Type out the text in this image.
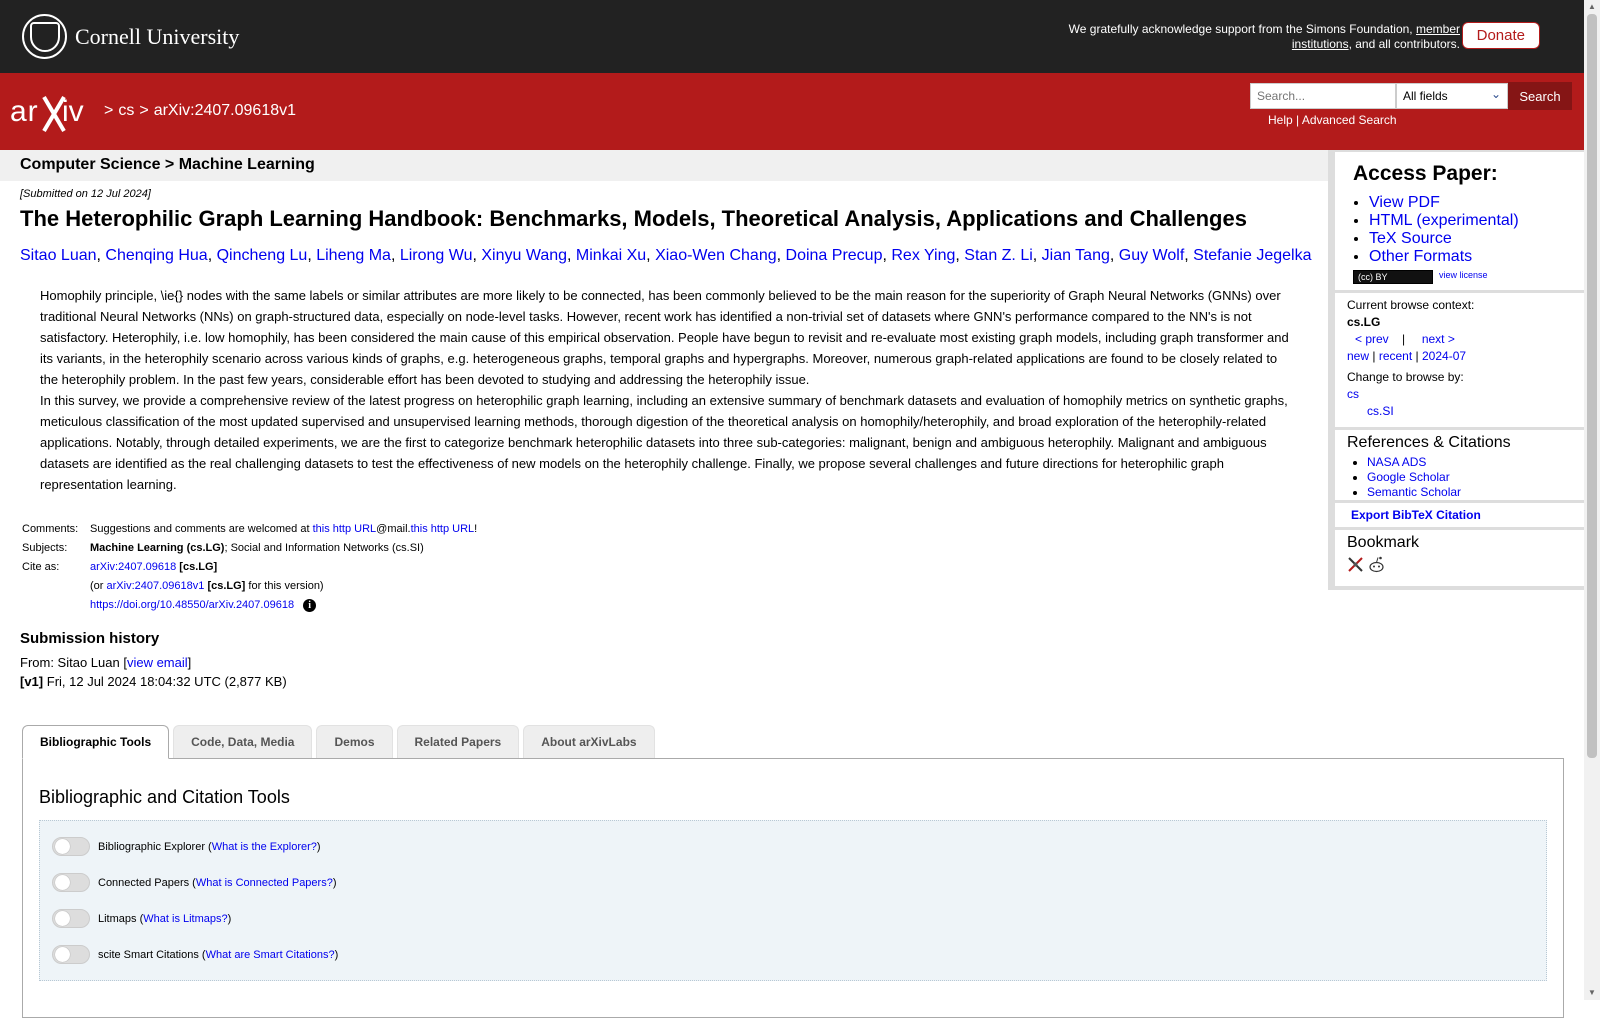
Cornell University	We gratefully acknowledge support from the Simons Foundation, member institutions, and all contributors.	Donate
ar iv > cs > arXiv:2407.09618v1
Search...
All fields	⌄	Search
Help | Advanced Search
Computer Science > Machine Learning
[Submitted on 12 Jul 2024]
The Heterophilic Graph Learning Handbook: Benchmarks, Models, Theoretical Analysis, Applications and Challenges
Sitao Luan, Chenqing Hua, Qincheng Lu, Liheng Ma, Lirong Wu, Xinyu Wang, Minkai Xu, Xiao-Wen Chang, Doina Precup, Rex Ying, Stan Z. Li, Jian Tang, Guy Wolf, Stefanie Jegelka

Homophily principle, \ie{} nodes with the same labels or similar attributes are more likely to be connected, has been commonly believed to be the main reason for the superiority of Graph Neural Networks (GNNs) over traditional Neural Networks (NNs) on graph-structured data, especially on node-level tasks. However, recent work has identified a non-trivial set of datasets where GNN's performance compared to the NN's is not satisfactory. Heterophily, i.e. low homophily, has been considered the main cause of this empirical observation. People have begun to revisit and re-evaluate most existing graph models, including graph transformer and its variants, in the heterophily scenario across various kinds of graphs, e.g. heterogeneous graphs, temporal graphs and hypergraphs. Moreover, numerous graph-related applications are found to be closely related to the heterophily problem. In the past few years, considerable effort has been devoted to studying and addressing the heterophily issue.

In this survey, we provide a comprehensive review of the latest progress on heterophilic graph learning, including an extensive summary of benchmark datasets and evaluation of homophily metrics on synthetic graphs, meticulous classification of the most updated supervised and unsupervised learning methods, thorough digestion of the theoretical analysis on homophily/heterophily, and broad exploration of the heterophily-related applications. Notably, through detailed experiments, we are the first to categorize benchmark heterophilic datasets into three sub-categories: malignant, benign and ambiguous heterophily. Malignant and ambiguous datasets are identified as the real challenging datasets to test the effectiveness of new models on the heterophily challenge. Finally, we propose several challenges and future directions for heterophilic graph representation learning.

Comments:	Suggestions and comments are welcomed at this http URL@mail.this http URL!
Subjects:	Machine Learning (cs.LG); Social and Information Networks (cs.SI)
Cite as:	arXiv:2407.09618 [cs.LG]
	(or arXiv:2407.09618v1 [cs.LG] for this version)
	https://doi.org/10.48550/arXiv.2407.09618 i
Submission history
From: Sitao Luan [view email]
[v1] Fri, 12 Jul 2024 18:04:32 UTC (2,877 KB)
Bibliographic Tools	Code, Data, Media	Demos	Related Papers	About arXivLabs
Bibliographic and Citation Tools
Bibliographic Explorer ( What is the Explorer? )
Connected Papers ( What is Connected Papers? )
Litmaps ( What is Litmaps? )
scite Smart Citations ( What are Smart Citations? )
Access Paper:
• View PDF
• HTML (experimental)
• TeX Source
• Other Formats
(cc) BY	view license
Current browse context:
cs.LG
< prev | next >
new | recent | 2024-07
Change to browse by:
cs
cs.SI
References & Citations
• NASA ADS
• Google Scholar
• Semantic Scholar
Export BibTeX Citation
Bookmark
▲
▼
